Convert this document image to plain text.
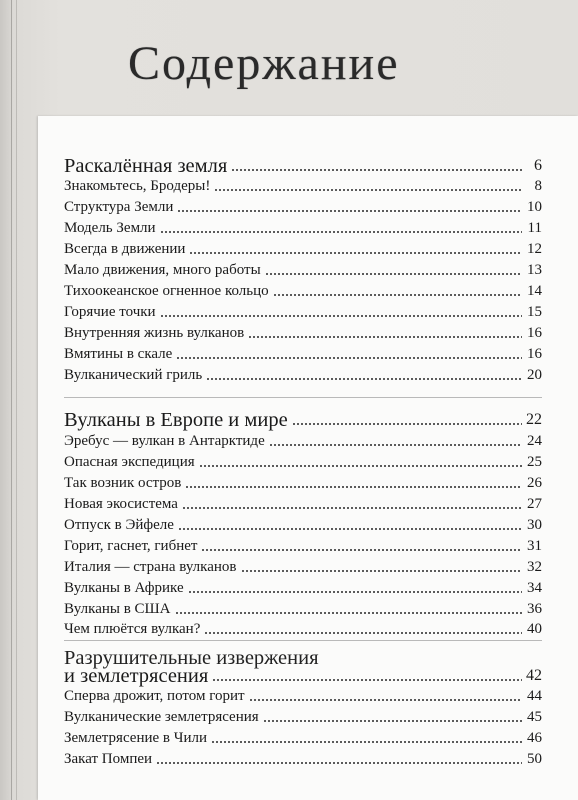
Содержание
Раскалённая земля	6
Знакомьтесь, Бродеры!	8
Структура Земли	10
Модель Земли	11
Всегда в движении	12
Мало движения, много работы	13
Тихоокеанское огненное кольцо	14
Горячие точки	15
Внутренняя жизнь вулканов	16
Вмятины в скале	16
Вулканический гриль	20
Вулканы в Европе и мире	22
Эребус — вулкан в Антарктиде	24
Опасная экспедиция	25
Так возник остров	26
Новая экосистема	27
Отпуск в Эйфеле	30
Горит, гаснет, гибнет	31
Италия — страна вулканов	32
Вулканы в Африке	34
Вулканы в США	36
Чем плюётся вулкан?	40
Разрушительные извержения
и землетрясения	42
Сперва дрожит, потом горит	44
Вулканические землетрясения	45
Землетрясение в Чили	46
Закат Помпеи	50
